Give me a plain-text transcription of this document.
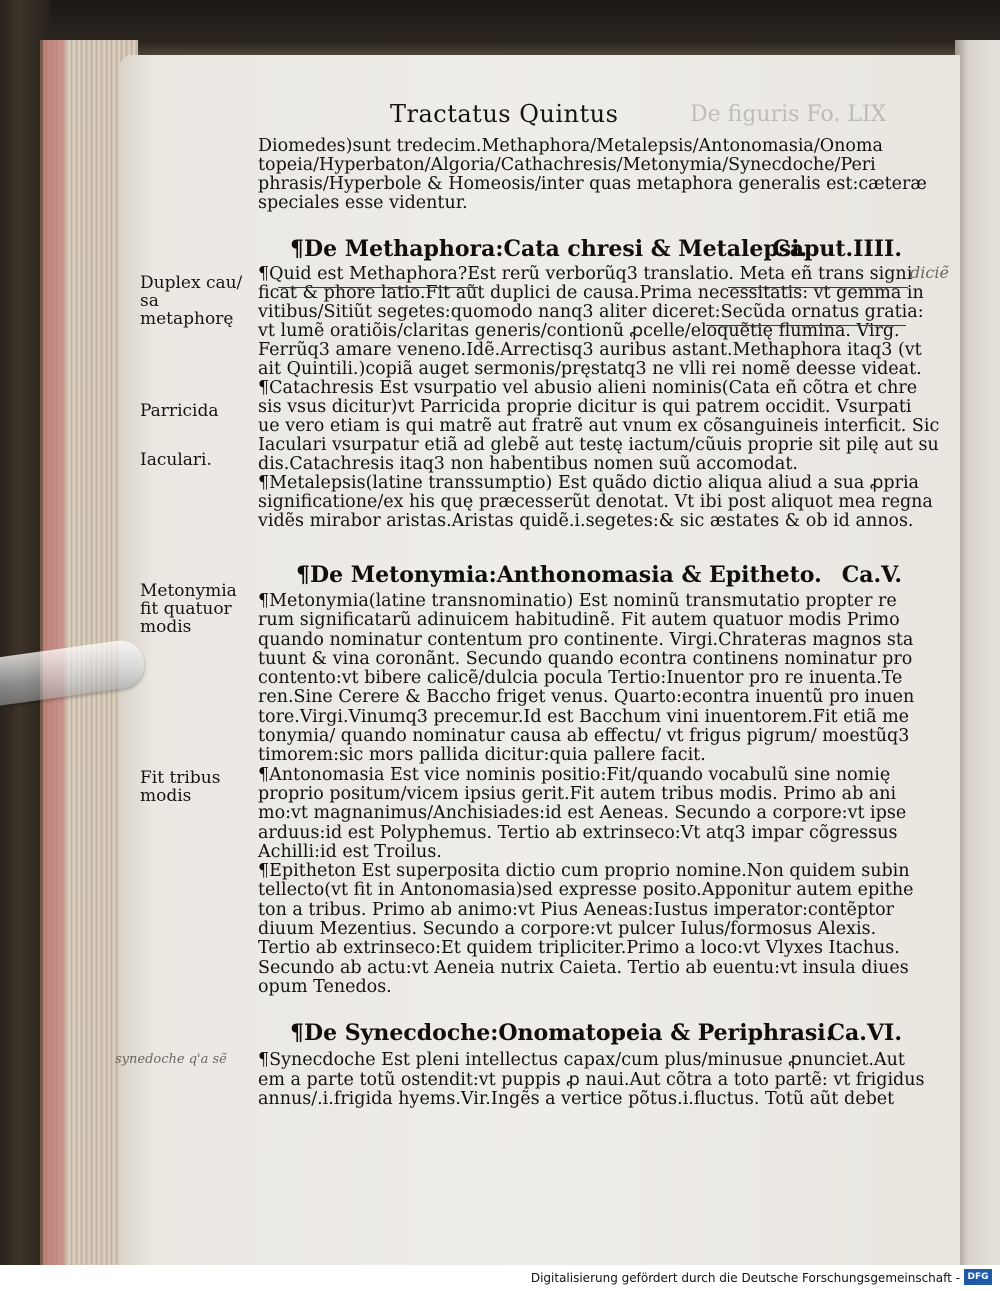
De figuris Fo. LIX
Tractatus Quintus
Diomedes)sunt tredecim.Methaphora/Metalepsis/Antonomasia/Onoma
topeia/Hyperbaton/Algoria/Cathachresis/Metonymia/Synecdoche/Peri
phrasis/Hyperbole & Homeosis/inter quas metaphora generalis est:cæteræ
speciales esse videntur.
¶De Methaphora:Cata chresi & Metalepsi.
Caput.IIII.
¶Quid est Methaphora?Est rerũ verborũq3 translatio. Meta eñ trans signi
ficat & phore latio.Fit aũt duplici de causa.Prima necessitatis: vt gemma in
vitibus/Sitiũt segetes:quomodo nanq3 aliter diceret:Secũda ornatus gratia:
vt lumẽ oratiõis/claritas generis/contionũ ꝓcelle/eloquẽtię flumina. Virg.
Ferrũq3 amare veneno.Idẽ.Arrectisq3 auribus astant.Methaphora itaq3 (vt
ait Quintili.)copiã auget sermonis/pręstatq3 ne vlli rei nomẽ deesse videat.
¶Catachresis Est vsurpatio vel abusio alieni nominis(Cata eñ cõtra et chre
sis vsus dicitur)vt Parricida proprie dicitur is qui patrem occidit. Vsurpati
ue vero etiam is qui matrẽ aut fratrẽ aut vnum ex cõsanguineis interficit. Sic
Iaculari vsurpatur etiã ad glebẽ aut testę iactum/cũuis proprie sit pilę aut su
dis.Catachresis itaq3 non habentibus nomen suũ accomodat.
¶Metalepsis(latine transsumptio) Est quãdo dictio aliqua aliud a sua ꝓpria
significatione/ex his quę præcesserũt denotat. Vt ibi post aliquot mea regna
vidẽs mirabor aristas.Aristas quidẽ.i.segetes:& sic æstates & ob id annos.
¶De Metonymia:Anthonomasia & Epitheto. Ca.V.
¶Metonymia(latine transnominatio) Est nominũ transmutatio propter re
rum significatarũ adinuicem habitudinẽ. Fit autem quatuor modis Primo
quando nominatur contentum pro continente. Virgi.Chrateras magnos sta
tuunt & vina coronãnt. Secundo quando econtra continens nominatur pro
contento:vt bibere calicẽ/dulcia pocula Tertio:Inuentor pro re inuenta.Te
ren.Sine Cerere & Baccho friget venus. Quarto:econtra inuentũ pro inuen
tore.Virgi.Vinumq3 precemur.Id est Bacchum vini inuentorem.Fit etiã me
tonymia/ quando nominatur causa ab effectu/ vt frigus pigrum/ moestũq3
timorem:sic mors pallida dicitur:quia pallere facit.
¶Antonomasia Est vice nominis positio:Fit/quando vocabulũ sine nomię
proprio positum/vicem ipsius gerit.Fit autem tribus modis. Primo ab ani
mo:vt magnanimus/Anchisiades:id est Aeneas. Secundo a corpore:vt ipse
arduus:id est Polyphemus. Tertio ab extrinseco:Vt atq3 impar cõgressus
Achilli:id est Troilus.
¶Epitheton Est superposita dictio cum proprio nomine.Non quidem subin
tellecto(vt fit in Antonomasia)sed expresse posito.Apponitur autem epithe
ton a tribus. Primo ab animo:vt Pius Aeneas:Iustus imperator:contẽptor
diuum Mezentius. Secundo a corpore:vt pulcer Iulus/formosus Alexis.
Tertio ab extrinseco:Et quidem tripliciter.Primo a loco:vt Vlyxes Itachus.
Secundo ab actu:vt Aeneia nutrix Caieta. Tertio ab euentu:vt insula diues
opum Tenedos.
¶De Synecdoche:Onomatopeia & Periphrasi.
Ca.VI.
¶Synecdoche Est pleni intellectus capax/cum plus/minusue ꝓnunciet.Aut
em a parte totũ ostendit:vt puppis ꝓ naui.Aut cõtra a toto partẽ: vt frigidus
annus/.i.frigida hyems.Vir.Ingẽs a vertice põtus.i.fluctus. Totũ aũt debet
Duplex cau/ sa metaphorę
Parricida
Iaculari.
Metonymia fit quatuor modis
Fit tribus modis
diciẽ
synedoche q'a sẽ
Digitalisierung gefördert durch die Deutsche Forschungsgemeinschaft - DFG
